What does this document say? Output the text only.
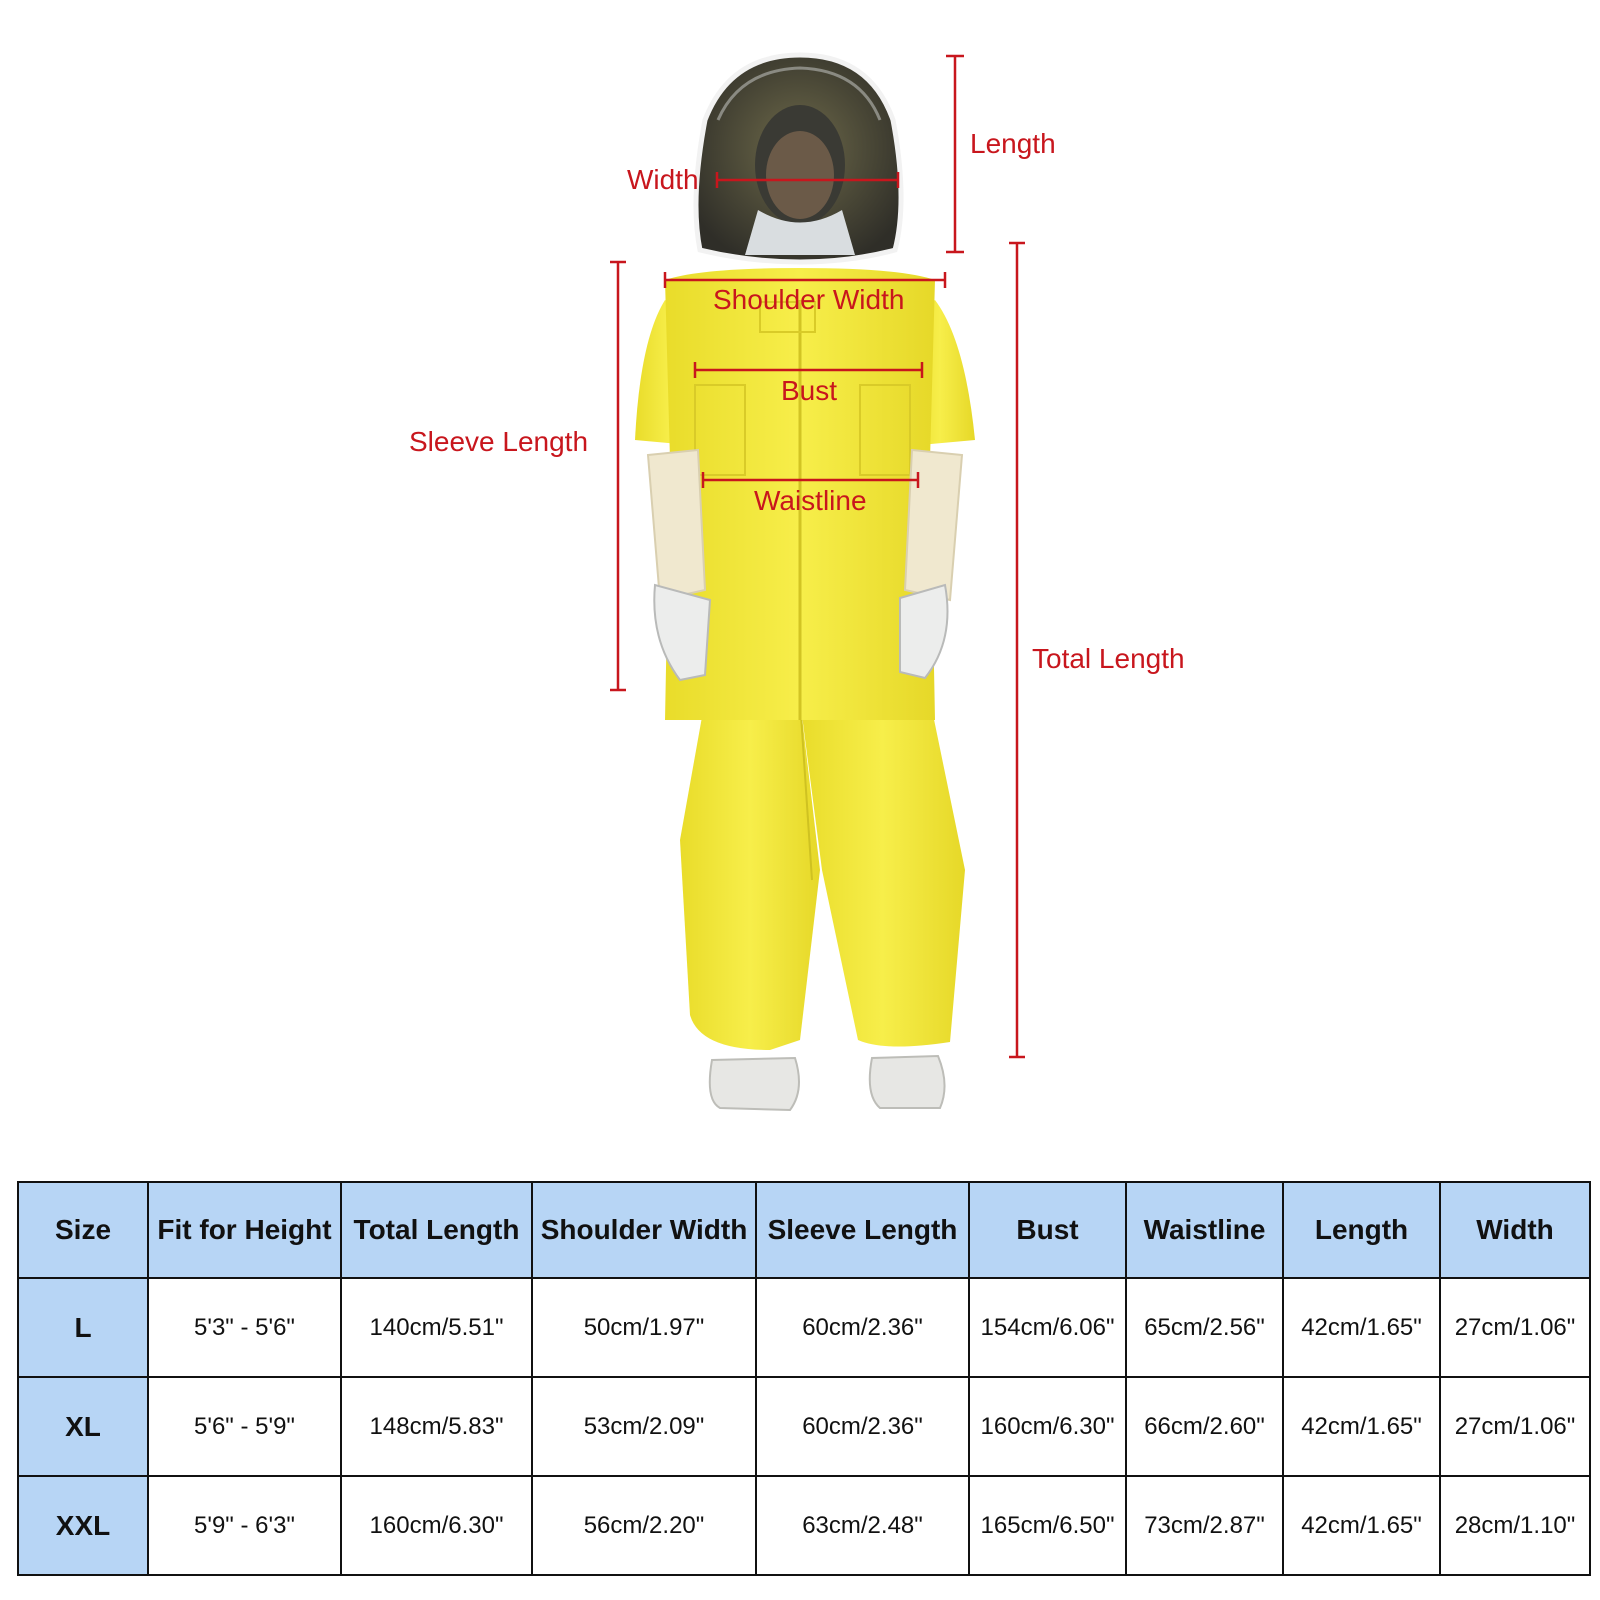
Width
Length
Shoulder Width
Bust
Sleeve Length
Waistline
Total Length
Size	Fit for Height	Total Length	Shoulder Width	Sleeve Length	Bust	Waistline	Length	Width
L	5'3" - 5'6"	140cm/5.51"	50cm/1.97"	60cm/2.36"	154cm/6.06"	65cm/2.56"	42cm/1.65"	27cm/1.06"
XL	5'6" - 5'9"	148cm/5.83"	53cm/2.09"	60cm/2.36"	160cm/6.30"	66cm/2.60"	42cm/1.65"	27cm/1.06"
XXL	5'9" - 6'3"	160cm/6.30"	56cm/2.20"	63cm/2.48"	165cm/6.50"	73cm/2.87"	42cm/1.65"	28cm/1.10"
